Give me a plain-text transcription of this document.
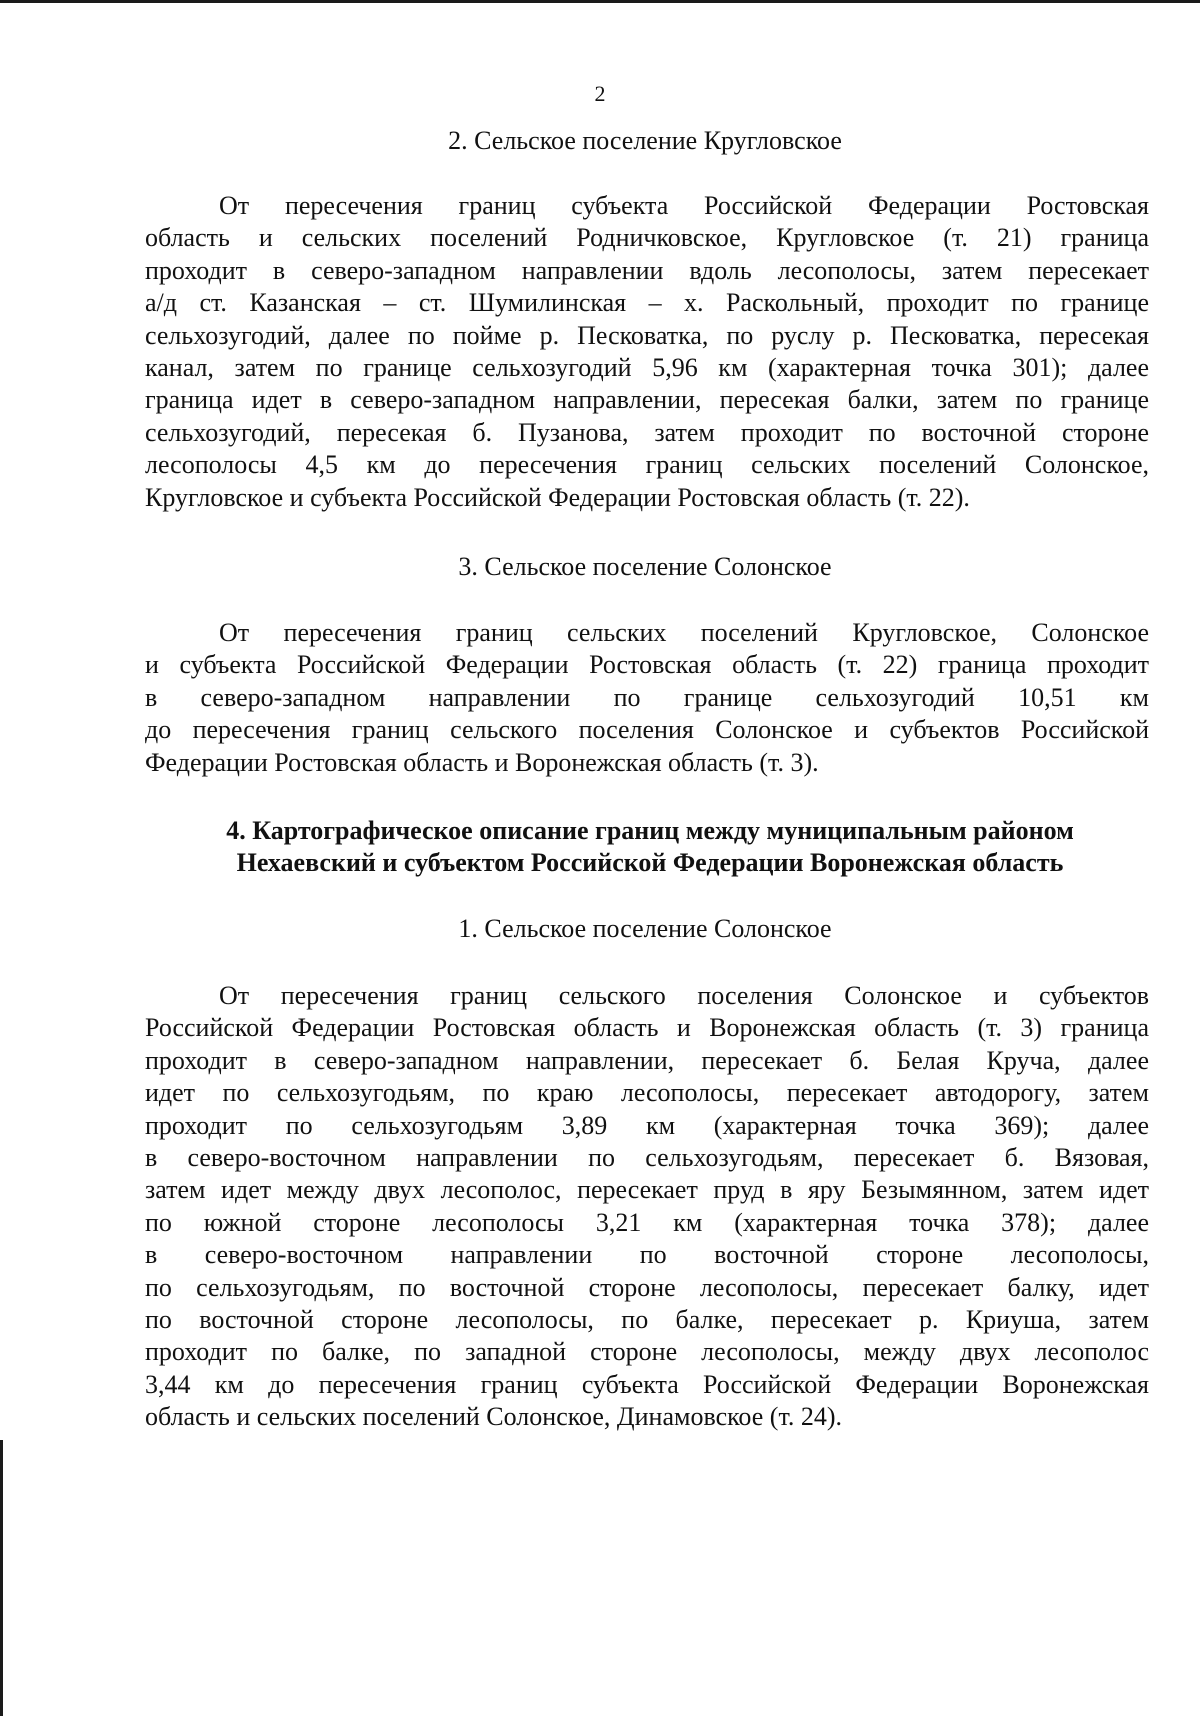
2
2. Сельское поселение Кругловское
От пересечения границ субъекта Российской Федерации Ростовская
область и сельских поселений Родничковское, Кругловское (т. 21) граница
проходит в северо-западном направлении вдоль лесополосы, затем пересекает
а/д ст. Казанская – ст. Шумилинская – х. Раскольный, проходит по границе
сельхозугодий, далее по пойме р. Песковатка, по руслу р. Песковатка, пересекая
канал, затем по границе сельхозугодий 5,96 км (характерная точка 301); далее
граница идет в северо-западном направлении, пересекая балки, затем по границе
сельхозугодий, пересекая б. Пузанова, затем проходит по восточной стороне
лесополосы 4,5 км до пересечения границ сельских поселений Солонское,
Кругловское и субъекта Российской Федерации Ростовская область (т. 22).
3. Сельское поселение Солонское
От пересечения границ сельских поселений Кругловское, Солонское
и субъекта Российской Федерации Ростовская область (т. 22) граница проходит
в северо-западном направлении по границе сельхозугодий 10,51 км
до пересечения границ сельского поселения Солонское и субъектов Российской
Федерации Ростовская область и Воронежская область (т. 3).
4. Картографическое описание границ между муниципальным районом
Нехаевский и субъектом Российской Федерации Воронежская область
1. Сельское поселение Солонское
От пересечения границ сельского поселения Солонское и субъектов
Российской Федерации Ростовская область и Воронежская область (т. 3) граница
проходит в северо-западном направлении, пересекает б. Белая Круча, далее
идет по сельхозугодьям, по краю лесополосы, пересекает автодорогу, затем
проходит по сельхозугодьям 3,89 км (характерная точка 369); далее
в северо-восточном направлении по сельхозугодьям, пересекает б. Вязовая,
затем идет между двух лесополос, пересекает пруд в яру Безымянном, затем идет
по южной стороне лесополосы 3,21 км (характерная точка 378); далее
в северо-восточном направлении по восточной стороне лесополосы,
по сельхозугодьям, по восточной стороне лесополосы, пересекает балку, идет
по восточной стороне лесополосы, по балке, пересекает р. Криуша, затем
проходит по балке, по западной стороне лесополосы, между двух лесополос
3,44 км до пересечения границ субъекта Российской Федерации Воронежская
область и сельских поселений Солонское, Динамовское (т. 24).
